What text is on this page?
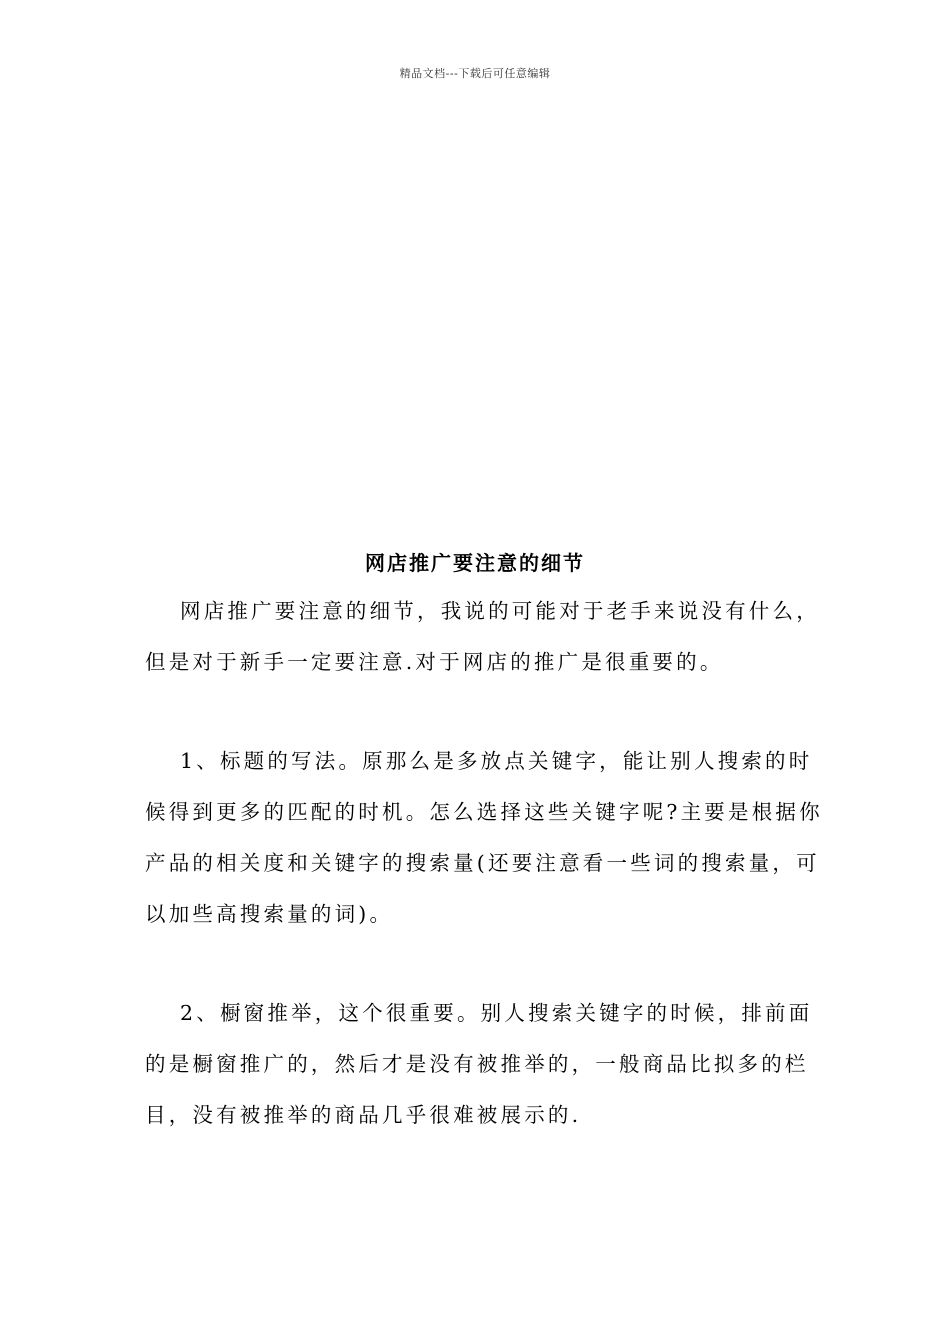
精品文档---下载后可任意编辑
网店推广要注意的细节

网店推广要注意的细节，我说的可能对于老手来说没有什么，但是对于新手一定要注意.对于网店的推广是很重要的。

1、标题的写法。原那么是多放点关键字，能让别人搜索的时候得到更多的匹配的时机。怎么选择这些关键字呢?主要是根据你产品的相关度和关键字的搜索量(还要注意看一些词的搜索量，可以加些高搜索量的词)。

2、橱窗推举，这个很重要。别人搜索关键字的时候，排前面的是橱窗推广的，然后才是没有被推举的，一般商品比拟多的栏目，没有被推举的商品几乎很难被展示的.
